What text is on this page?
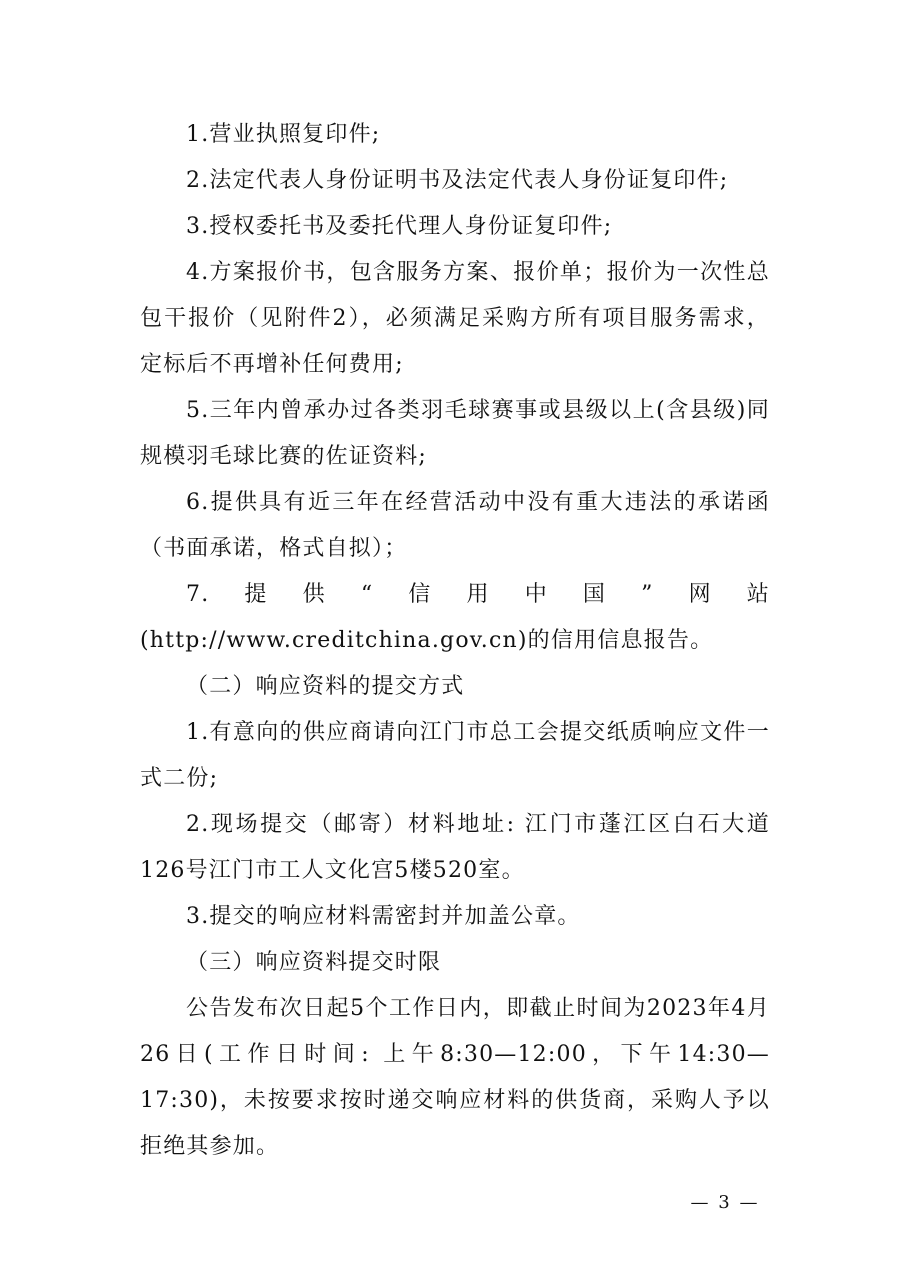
1.营业执照复印件;

2.法定代表人身份证明书及法定代表人身份证复印件;

3.授权委托书及委托代理人身份证复印件;

4.方案报价书，包含服务方案、报价单；报价为一次性总包干报价（见附件2），必须满足采购方所有项目服务需求，定标后不再增补任何费用;

5.三年内曾承办过各类羽毛球赛事或县级以上(含县级)同规模羽毛球比赛的佐证资料;

6.提供具有近三年在经营活动中没有重大违法的承诺函（书面承诺，格式自拟）；

7.提供“信用中国”网站(http://www.creditchina.gov.cn)的信用信息报告。

（二）响应资料的提交方式

1.有意向的供应商请向江门市总工会提交纸质响应文件一式二份;

2.现场提交（邮寄）材料地址: 江门市蓬江区白石大道126号江门市工人文化宫5楼520室。

3.提交的响应材料需密封并加盖公章。

（三）响应资料提交时限

公告发布次日起5个工作日内，即截止时间为2023年4月26日(工作日时间: 上午8:30—12:00，下午14:30—17:30)，未按要求按时递交响应材料的供货商，采购人予以拒绝其参加。

— 3 —
